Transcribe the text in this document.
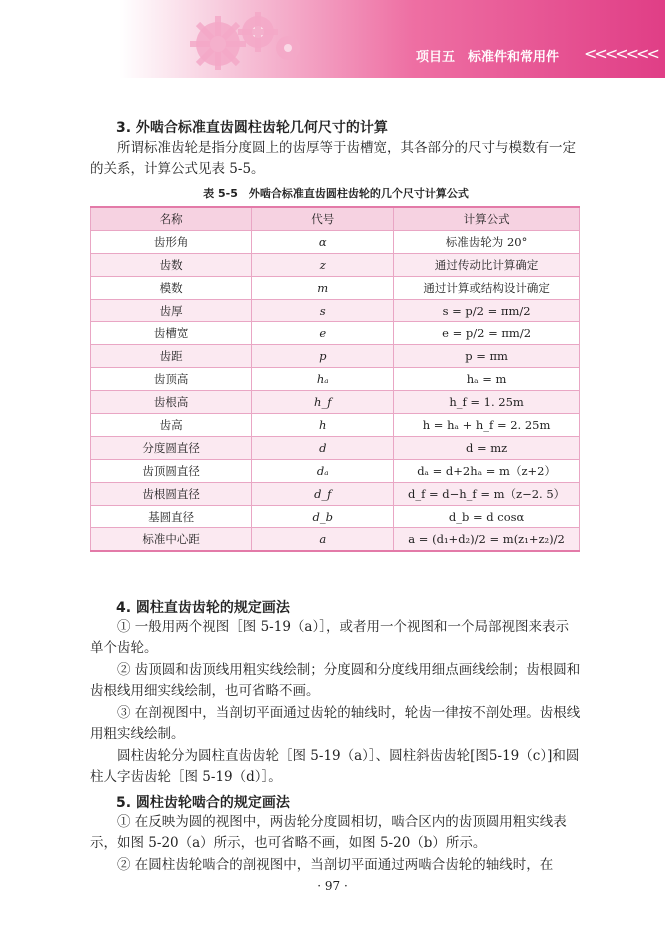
项目五　标准件和常用件 <<<<<<<
3. 外啮合标准直齿圆柱齿轮几何尺寸的计算
所谓标准齿轮是指分度圆上的齿厚等于齿槽宽，其各部分的尺寸与模数有一定的关系，计算公式见表 5-5。
表 5-5　外啮合标准直齿圆柱齿轮的几个尺寸计算公式
名称	代号	计算公式
齿形角	α	标准齿轮为 20°
齿数	z	通过传动比计算确定
模数	m	通过计算或结构设计确定
齿厚	s	s = p/2 = πm/2
齿槽宽	e	e = p/2 = πm/2
齿距	p	p = πm
齿顶高	hₐ	hₐ = m
齿根高	h_f	h_f = 1. 25m
齿高	h	h = hₐ + h_f = 2. 25m
分度圆直径	d	d = mz
齿顶圆直径	dₐ	dₐ = d+2hₐ = m（z+2）
齿根圆直径	d_f	d_f = d−h_f = m（z−2. 5）
基圆直径	d_b	d_b = d cosα
标准中心距	a	a = (d₁+d₂)/2 = m(z₁+z₂)/2
4. 圆柱直齿齿轮的规定画法
① 一般用两个视图［图 5-19（a）］，或者用一个视图和一个局部视图来表示单个齿轮。
② 齿顶圆和齿顶线用粗实线绘制；分度圆和分度线用细点画线绘制；齿根圆和齿根线用细实线绘制，也可省略不画。
③ 在剖视图中，当剖切平面通过齿轮的轴线时，轮齿一律按不剖处理。齿根线用粗实线绘制。
圆柱齿轮分为圆柱直齿齿轮［图 5-19（a）］、圆柱斜齿齿轮[图5-19（c）]和圆柱人字齿齿轮［图 5-19（d）］。
5. 圆柱齿轮啮合的规定画法
① 在反映为圆的视图中，两齿轮分度圆相切，啮合区内的齿顶圆用粗实线表示，如图 5-20（a）所示，也可省略不画，如图 5-20（b）所示。
② 在圆柱齿轮啮合的剖视图中，当剖切平面通过两啮合齿轮的轴线时，在
· 97 ·
